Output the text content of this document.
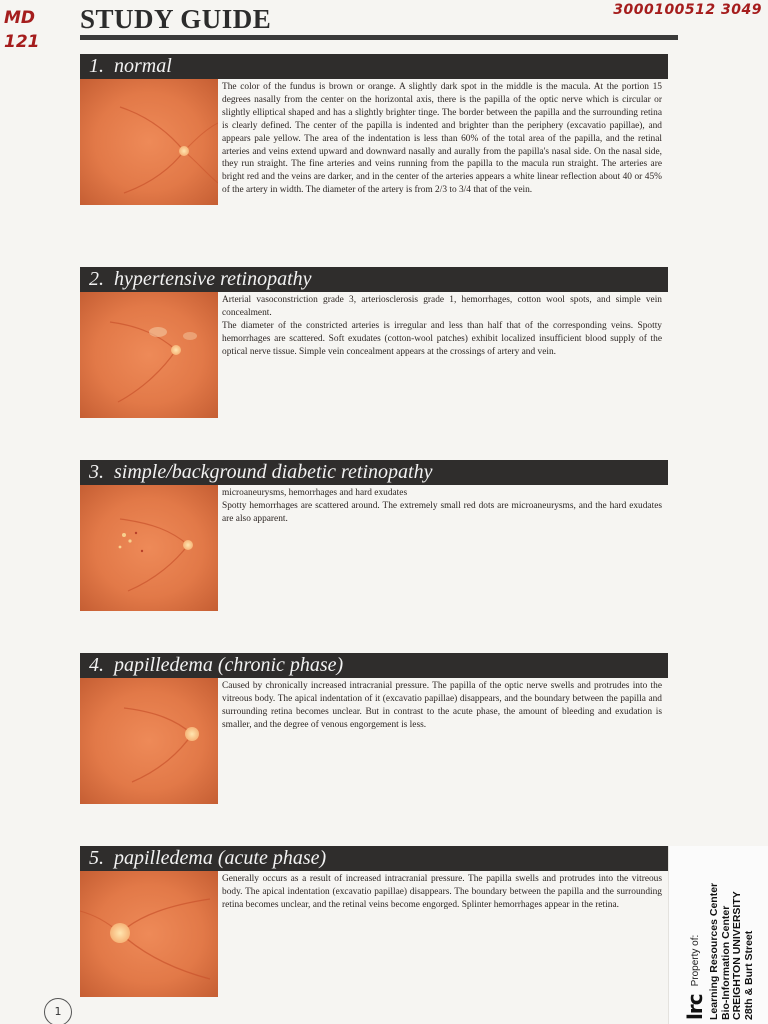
MD 121
3000100512 3049
STUDY GUIDE
1. normal

The color of the fundus is brown or orange. A slightly dark spot in the middle is the macula. At the portion 15 degrees nasally from the center on the horizontal axis, there is the papilla of the optic nerve which is circular or slightly elliptical shaped and has a slightly brighter tinge. The border between the papilla and the surrounding retina is clearly defined. The center of the papilla is indented and brighter than the periphery (excavatio papillae), and appears pale yellow. The area of the indentation is less than 60% of the total area of the papilla, and the retinal arteries and veins extend upward and downward nasally and aurally from the papilla's nasal side. On the nasal side, they run straight. The fine arteries and veins running from the papilla to the macula run straight. The arteries are bright red and the veins are darker, and in the center of the arteries appears a white linear reflection about 40 or 45% of the artery in width. The diameter of the artery is from 2/3 to 3/4 that of the vein.

2. hypertensive retinopathy

Arterial vasoconstriction grade 3, arteriosclerosis grade 1, hemorrhages, cotton wool spots, and simple vein concealment.

The diameter of the constricted arteries is irregular and less than half that of the corresponding veins. Spotty hemorrhages are scattered. Soft exudates (cotton-wool patches) exhibit localized insufficient blood supply of the optical nerve tissue. Simple vein concealment appears at the crossings of artery and vein.

3. simple/background diabetic retinopathy

microaneurysms, hemorrhages and hard exudates

Spotty hemorrhages are scattered around. The extremely small red dots are microaneurysms, and the hard exudates are also apparent.

4. papilledema (chronic phase)

Caused by chronically increased intracranial pressure. The papilla of the optic nerve swells and protrudes into the vitreous body. The apical indentation of it (excavatio papillae) disappears, and the boundary between the papilla and surrounding retina becomes unclear. But in contrast to the acute phase, the amount of bleeding and exudation is smaller, and the degree of venous engorgement is less.

5. papilledema (acute phase)

Generally occurs as a result of increased intracranial pressure. The papilla swells and protrudes into the vitreous body. The apical indentation (excavatio papillae) disappears. The boundary between the papilla and the surrounding retina becomes unclear, and the retinal veins become engorged. Splinter hemorrhages appear in the retina.

lrc
Property of: Learning Resources Center Bio-Information Center CREIGHTON UNIVERSITY 28th & Burt Street
1
